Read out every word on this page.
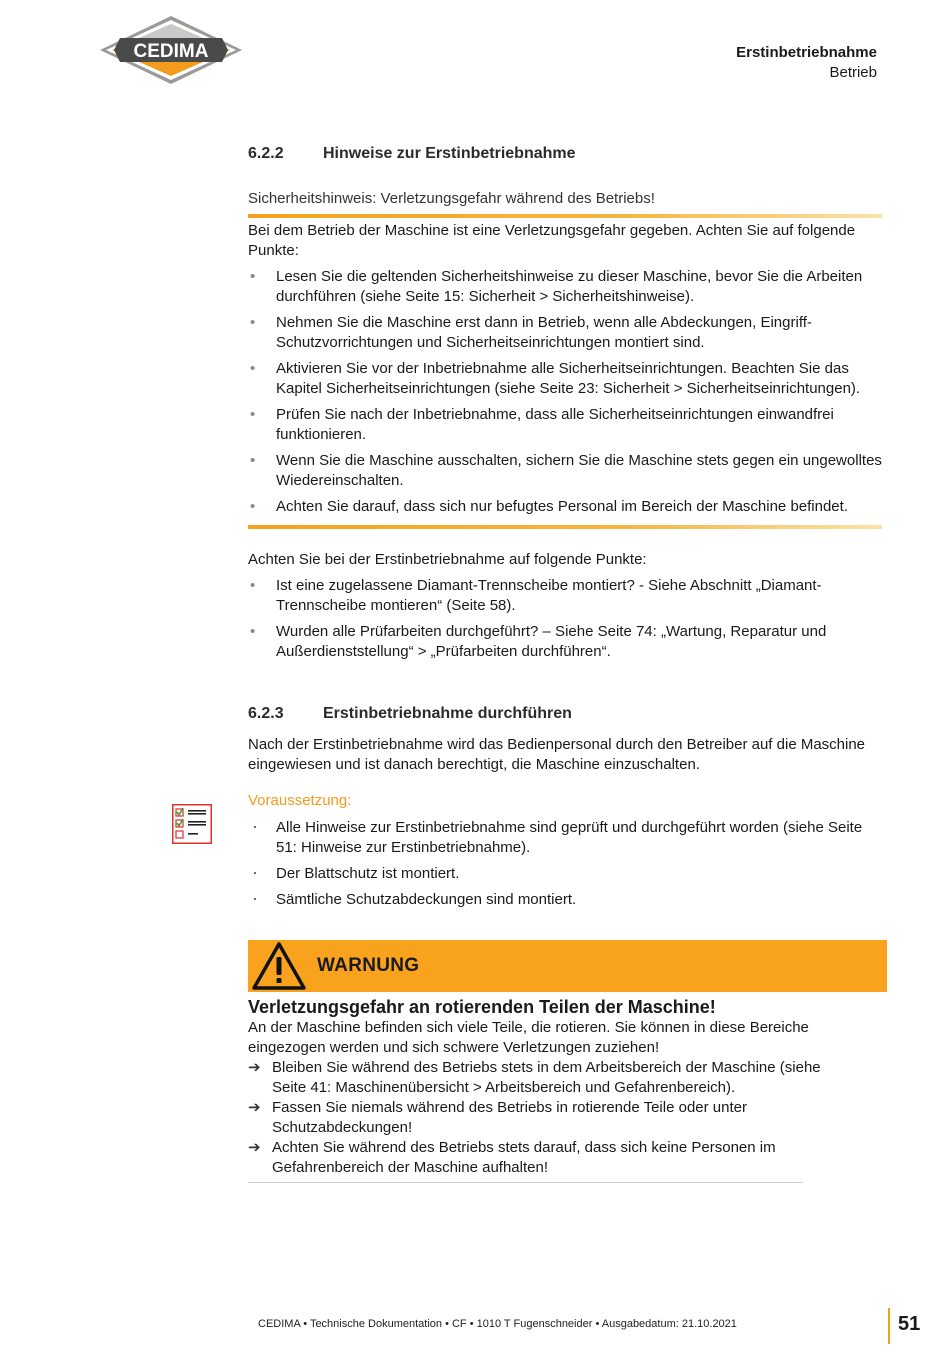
CEDIMA	Erstinbetriebnahme
Betrieb
6.2.2 Hinweise zur Erstinbetriebnahme
Sicherheitshinweis: Verletzungsgefahr während des Betriebs!
Bei dem Betrieb der Maschine ist eine Verletzungsgefahr gegeben. Achten Sie auf folgende Punkte:
• Lesen Sie die geltenden Sicherheitshinweise zu dieser Maschine, bevor Sie die Arbeiten durchführen (siehe Seite 15: Sicherheit > Sicherheitshinweise).
• Nehmen Sie die Maschine erst dann in Betrieb, wenn alle Abdeckungen, Eingriff-Schutzvorrichtungen und Sicherheitseinrichtungen montiert sind.
• Aktivieren Sie vor der Inbetriebnahme alle Sicherheitseinrichtungen. Beachten Sie das Kapitel Sicherheitseinrichtungen (siehe Seite 23: Sicherheit > Sicherheitseinrichtungen).
• Prüfen Sie nach der Inbetriebnahme, dass alle Sicherheitseinrichtungen einwandfrei funktionieren.
• Wenn Sie die Maschine ausschalten, sichern Sie die Maschine stets gegen ein ungewolltes Wiedereinschalten.
• Achten Sie darauf, dass sich nur befugtes Personal im Bereich der Maschine befindet.
Achten Sie bei der Erstinbetriebnahme auf folgende Punkte:
• Ist eine zugelassene Diamant-Trennscheibe montiert? - Siehe Abschnitt „Diamant-Trennscheibe montieren“ (Seite 58).
• Wurden alle Prüfarbeiten durchgeführt? – Siehe Seite 74: „Wartung, Reparatur und Außerdienststellung“ > „Prüfarbeiten durchführen“.
6.2.3 Erstinbetriebnahme durchführen
Nach der Erstinbetriebnahme wird das Bedienpersonal durch den Betreiber auf die Maschine eingewiesen und ist danach berechtigt, die Maschine einzuschalten.
Voraussetzung:
· Alle Hinweise zur Erstinbetriebnahme sind geprüft und durchgeführt worden (siehe Seite 51: Hinweise zur Erstinbetriebnahme).
· Der Blattschutz ist montiert.
· Sämtliche Schutzabdeckungen sind montiert.
WARNUNG
Verletzungsgefahr an rotierenden Teilen der Maschine!
An der Maschine befinden sich viele Teile, die rotieren. Sie können in diese Bereiche eingezogen werden und sich schwere Verletzungen zuziehen!
➔ Bleiben Sie während des Betriebs stets in dem Arbeitsbereich der Maschine (siehe Seite 41: Maschinenübersicht > Arbeitsbereich und Gefahrenbereich).
➔ Fassen Sie niemals während des Betriebs in rotierende Teile oder unter Schutzabdeckungen!
➔ Achten Sie während des Betriebs stets darauf, dass sich keine Personen im Gefahrenbereich der Maschine aufhalten!
CEDIMA • Technische Dokumentation • CF • 1010 T Fugenschneider • Ausgabedatum: 21.10.2021	51
